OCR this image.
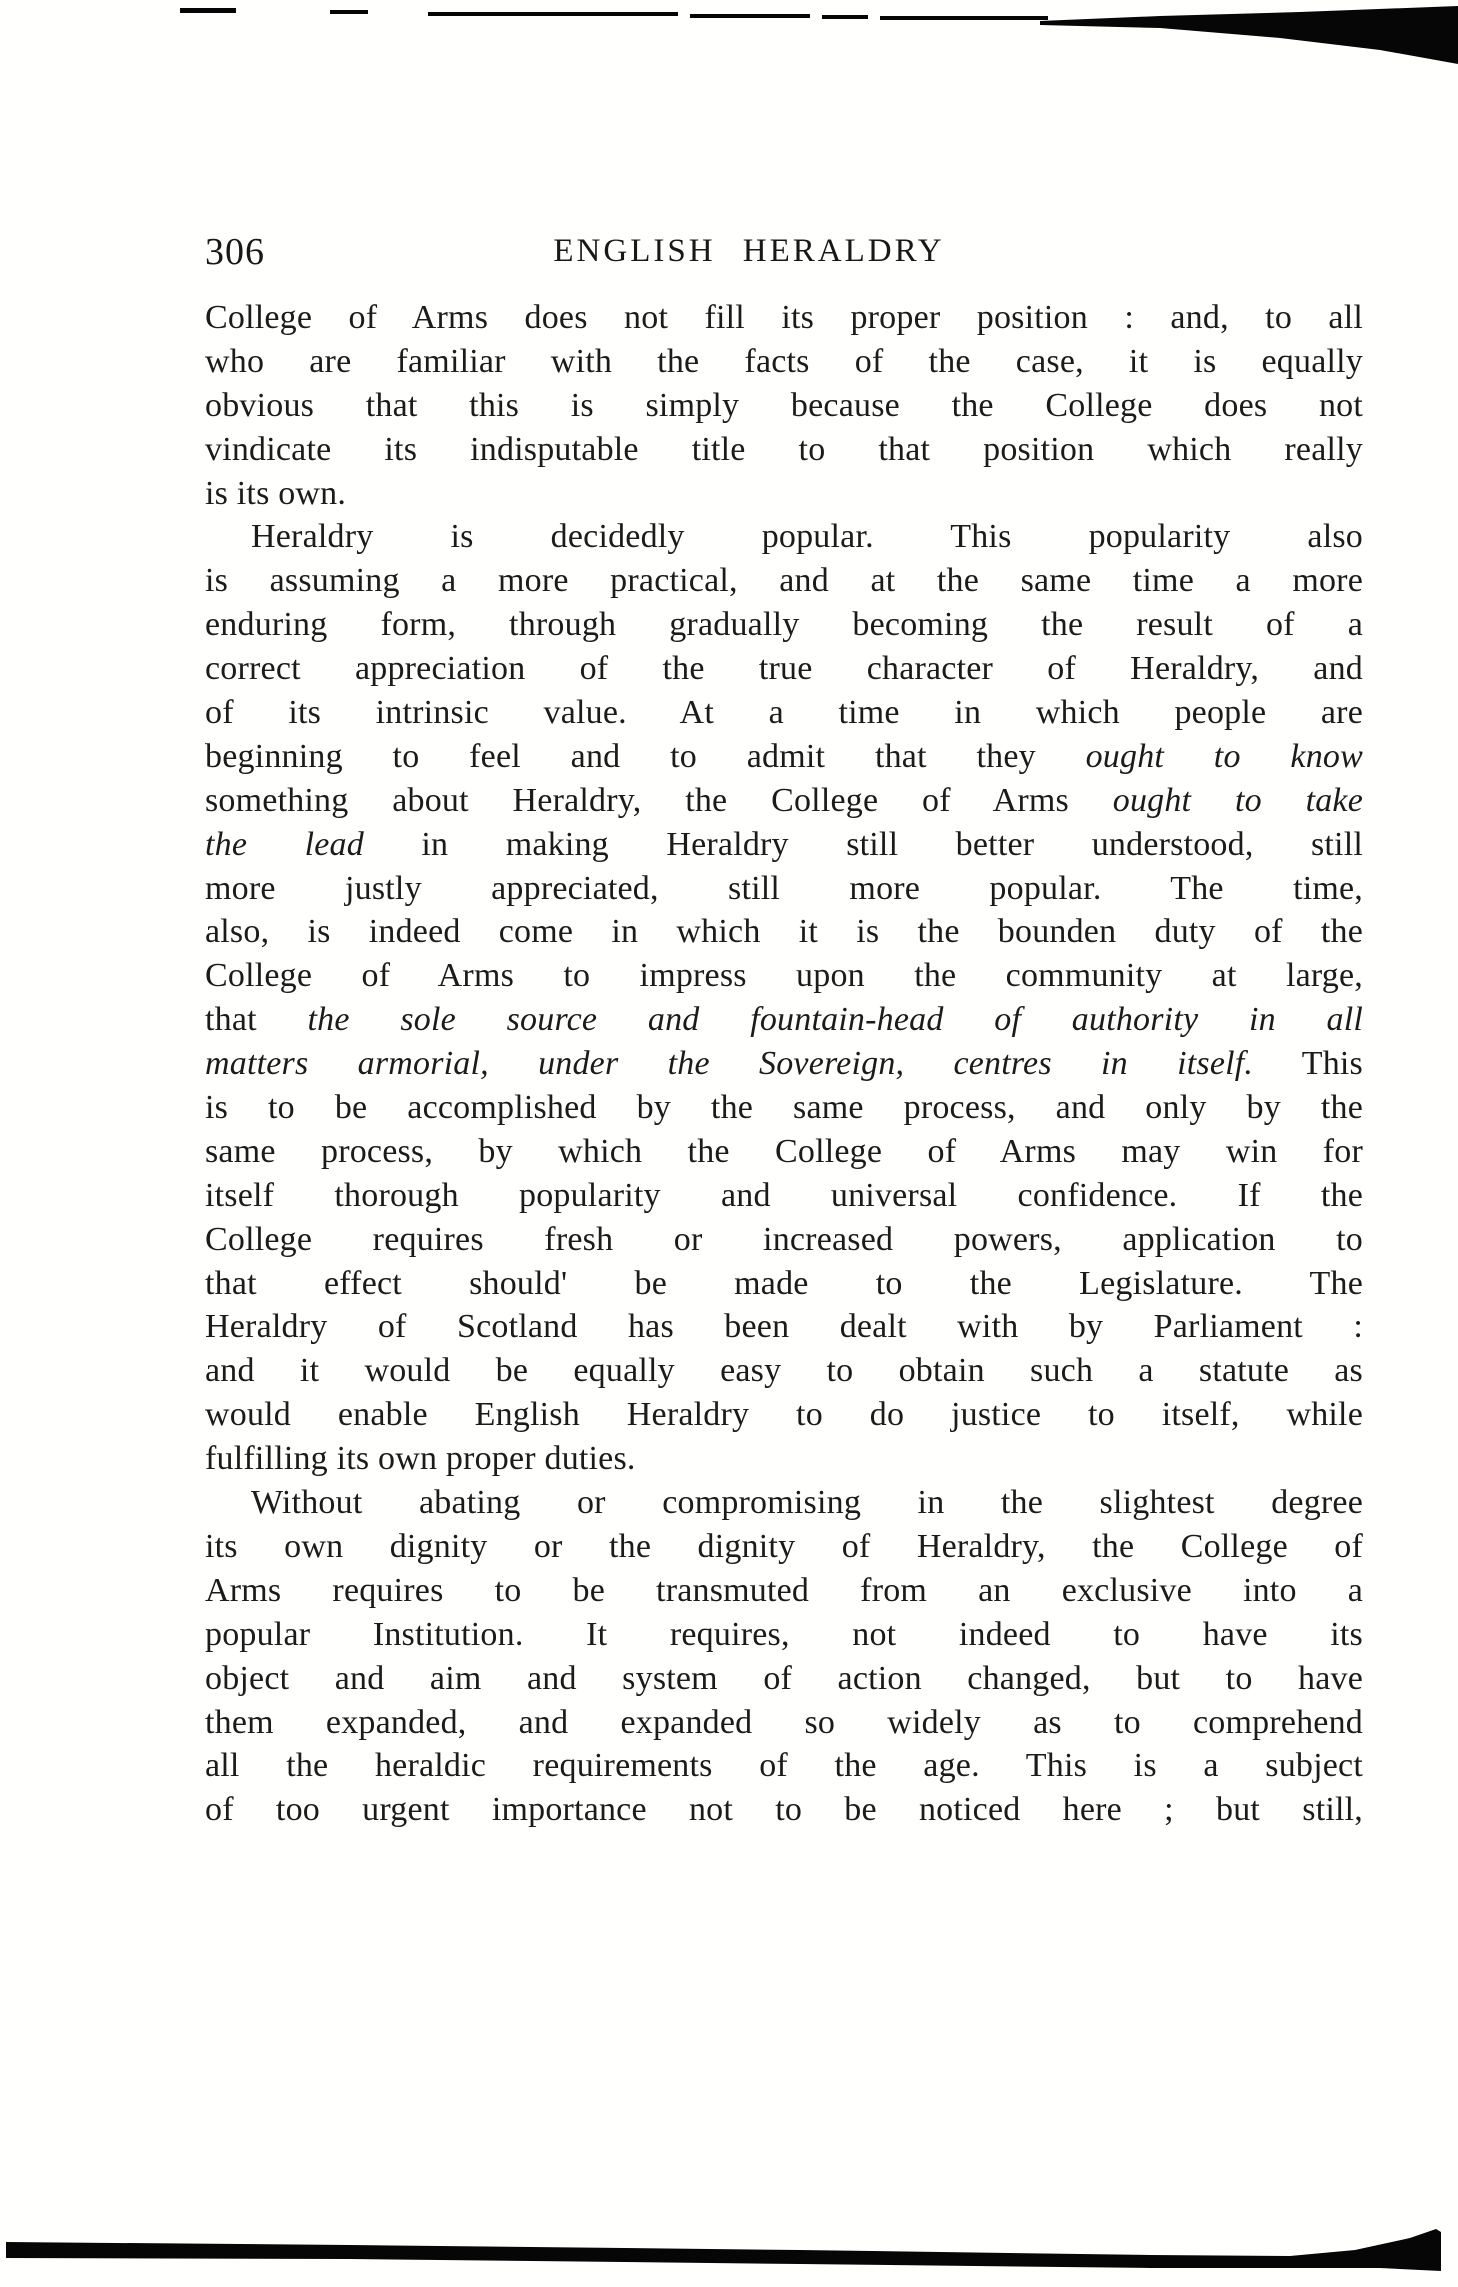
306	ENGLISH HERALDRY
College of Arms does not fill its proper position : and, to all
who are familiar with the facts of the case, it is equally
obvious that this is simply because the College does not
vindicate its indisputable title to that position which really
is its own.
Heraldry is decidedly popular. This popularity also
is assuming a more practical, and at the same time a more
enduring form, through gradually becoming the result of a
correct appreciation of the true character of Heraldry, and
of its intrinsic value. At a time in which people are
beginning to feel and to admit that they ought to know
something about Heraldry, the College of Arms ought to take
the lead in making Heraldry still better understood, still
more justly appreciated, still more popular. The time,
also, is indeed come in which it is the bounden duty of the
College of Arms to impress upon the community at large,
that the sole source and fountain-head of authority in all
matters armorial, under the Sovereign, centres in itself. This
is to be accomplished by the same process, and only by the
same process, by which the College of Arms may win for
itself thorough popularity and universal confidence. If the
College requires fresh or increased powers, application to
that effect should' be made to the Legislature. The
Heraldry of Scotland has been dealt with by Parliament :
and it would be equally easy to obtain such a statute as
would enable English Heraldry to do justice to itself, while
fulfilling its own proper duties.
Without abating or compromising in the slightest degree
its own dignity or the dignity of Heraldry, the College of
Arms requires to be transmuted from an exclusive into a
popular Institution. It requires, not indeed to have its
object and aim and system of action changed, but to have
them expanded, and expanded so widely as to comprehend
all the heraldic requirements of the age. This is a subject
of too urgent importance not to be noticed here ; but still,
